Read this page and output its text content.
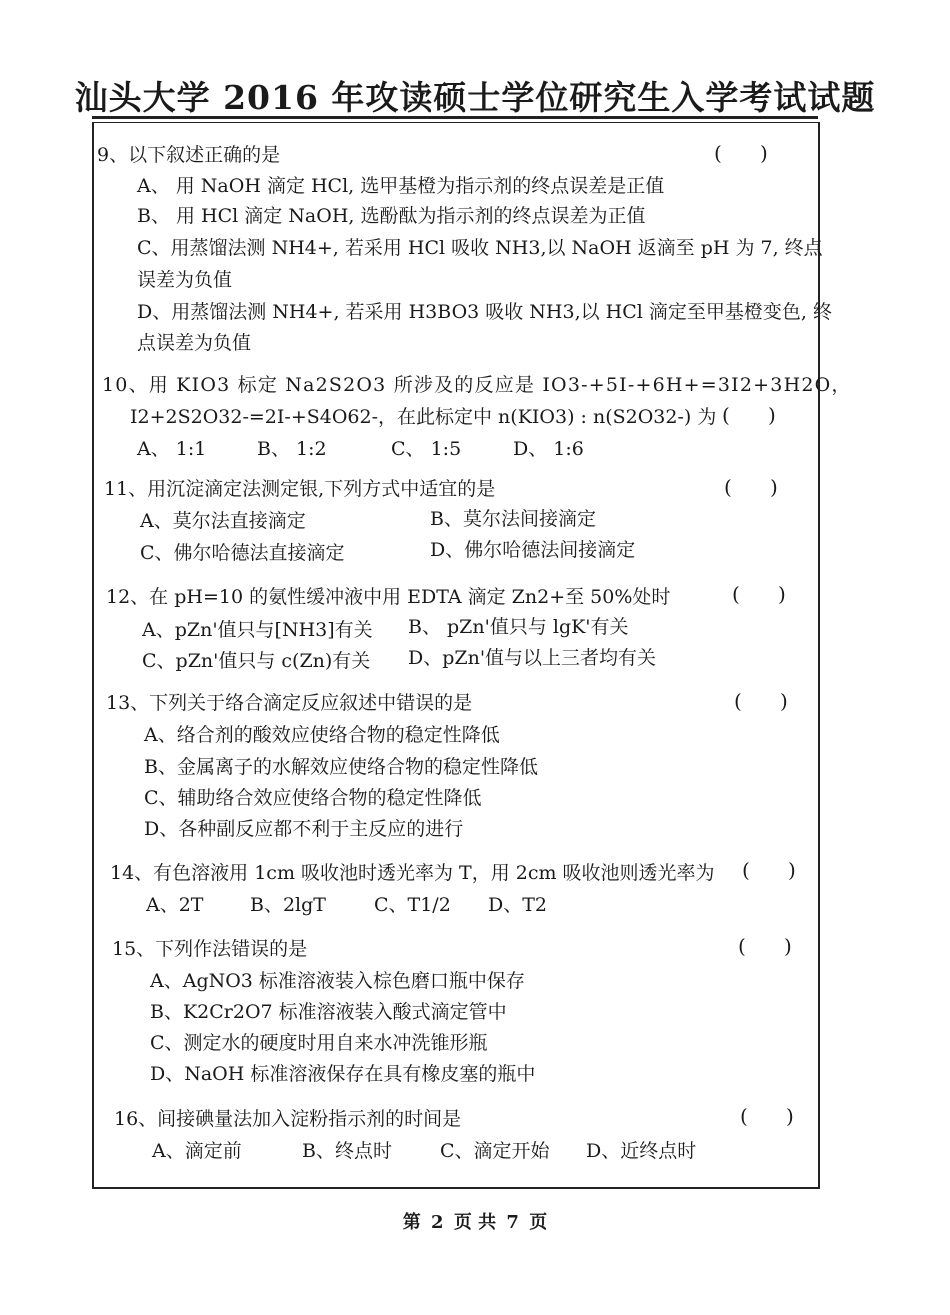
汕头大学 2016 年攻读硕士学位研究生入学考试试题
9、以下叙述正确的是	(      )
A、 用 NaOH 滴定 HCl, 选甲基橙为指示剂的终点误差是正值
B、 用 HCl 滴定 NaOH, 选酚酞为指示剂的终点误差为正值
C、用蒸馏法测 NH4+, 若采用 HCl 吸收 NH3,以 NaOH 返滴至 pH 为 7, 终点
误差为负值
D、用蒸馏法测 NH4+, 若采用 H3BO3 吸收 NH3,以 HCl 滴定至甲基橙变色, 终
点误差为负值
10、用 KIO3 标定 Na2S2O3 所涉及的反应是 IO3-+5I-+6H+=3I2+3H2O，
I2+2S2O32-=2I-+S4O62-，在此标定中 n(KIO3) : n(S2O32-) 为 (      )
A、 1:1	B、 1:2	C、 1:5	D、 1:6
11、用沉淀滴定法测定银,下列方式中适宜的是	(      )
A、莫尔法直接滴定	B、莫尔法间接滴定
C、佛尔哈德法直接滴定	D、佛尔哈德法间接滴定
12、在 pH=10 的氨性缓冲液中用 EDTA 滴定 Zn2+至 50%处时	(      )
A、pZn'值只与[NH3]有关 B、 pZn'值只与 lgK'有关
C、pZn'值只与 c(Zn)有关 D、pZn'值与以上三者均有关
13、下列关于络合滴定反应叙述中错误的是	(      )
A、络合剂的酸效应使络合物的稳定性降低
B、金属离子的水解效应使络合物的稳定性降低
C、辅助络合效应使络合物的稳定性降低
D、各种副反应都不利于主反应的进行
14、有色溶液用 1cm 吸收池时透光率为 T，用 2cm 吸收池则透光率为 (      )
A、2T B、2lgT	C、T1/2 D、T2
15、下列作法错误的是	(      )
A、AgNO3 标准溶液装入棕色磨口瓶中保存
B、K2Cr2O7 标准溶液装入酸式滴定管中
C、测定水的硬度时用自来水冲洗锥形瓶
D、NaOH 标准溶液保存在具有橡皮塞的瓶中
16、间接碘量法加入淀粉指示剂的时间是	(      )
A、滴定前	B、终点时	C、滴定开始 D、近终点时
第 2 页 共 7 页
